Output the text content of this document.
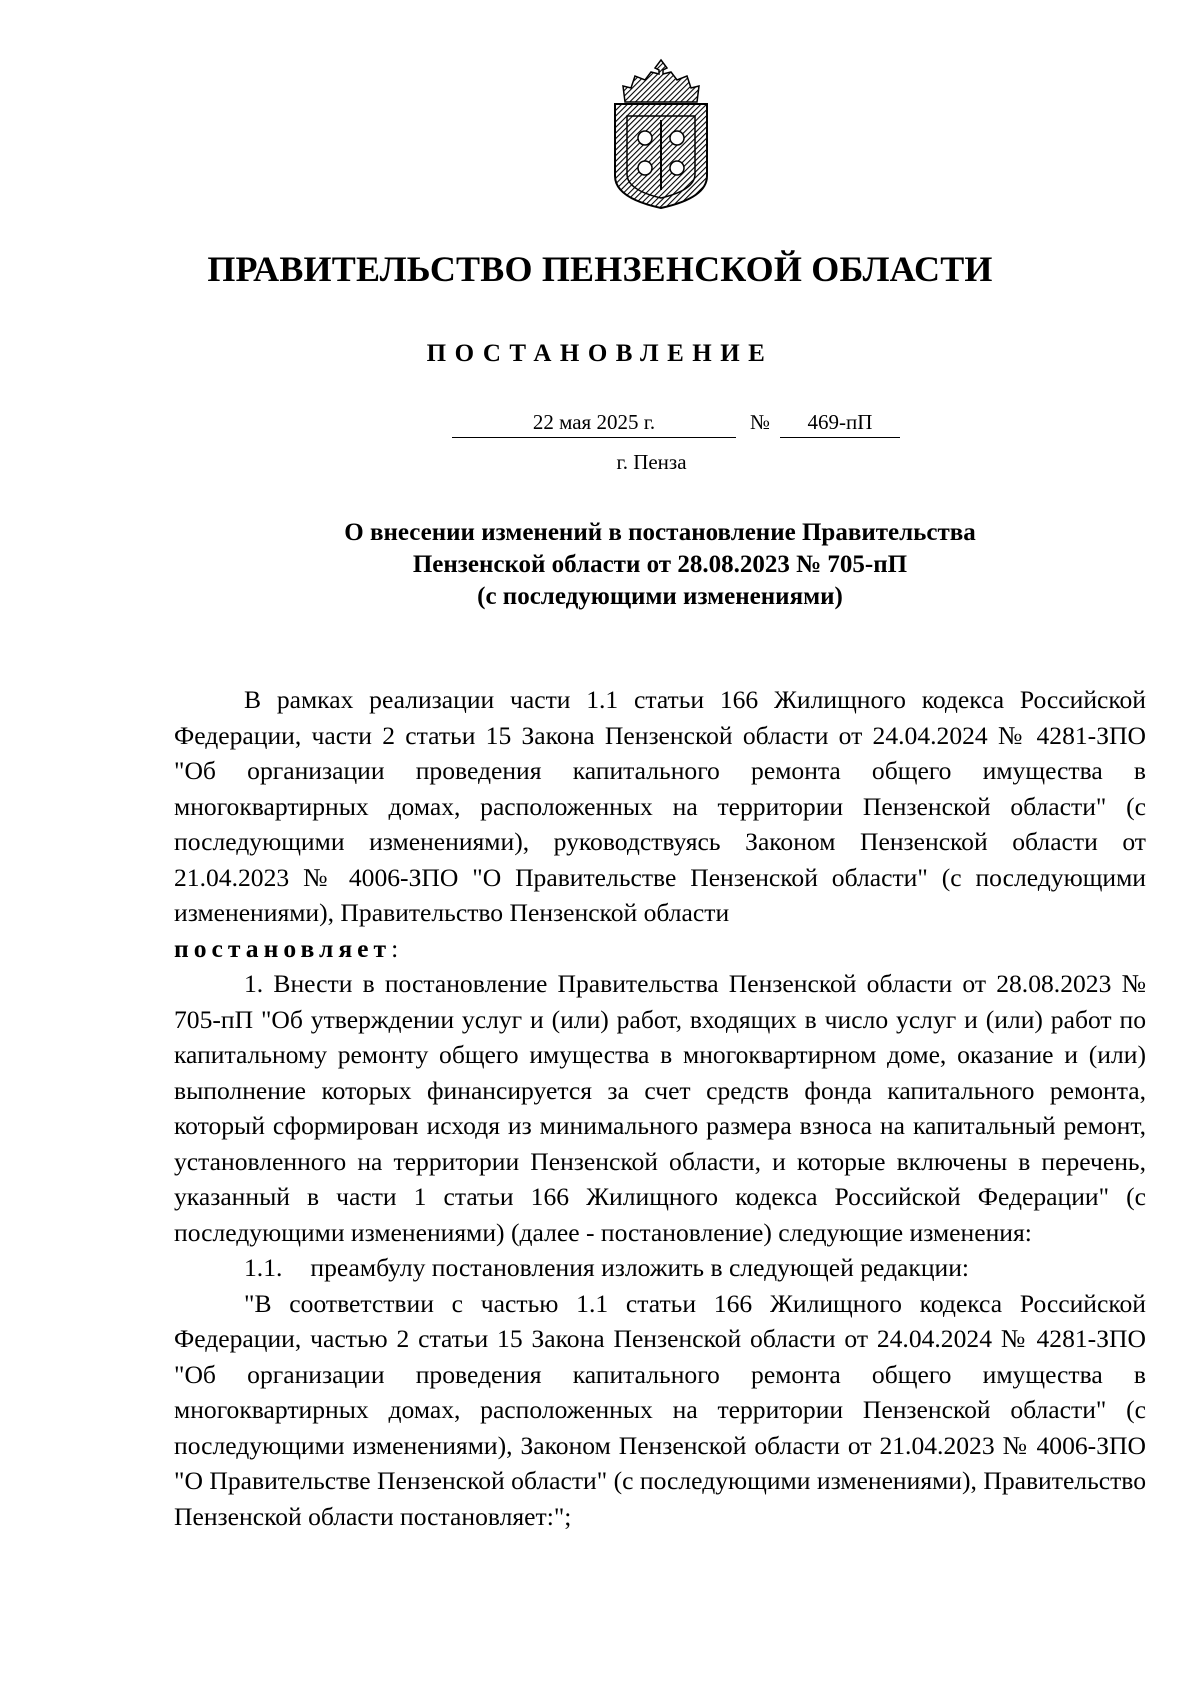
ПРАВИТЕЛЬСТВО ПЕНЗЕНСКОЙ ОБЛАСТИ
ПОСТАНОВЛЕНИЕ
22 мая 2025 г.	№	469-пП
г. Пенза
О внесении изменений в постановление Правительства
Пензенской области от 28.08.2023 № 705-пП
(с последующими изменениями)

В рамках реализации части 1.1 статьи 166 Жилищного кодекса Российской Федерации, части 2 статьи 15 Закона Пензенской области от 24.04.2024 № 4281-ЗПО "Об организации проведения капитального ремонта общего имущества в многоквартирных домах, расположенных на территории Пензенской области" (с последующими изменениями), руководствуясь Законом Пензенской области от 21.04.2023 № 4006-ЗПО "О Правительстве Пензенской области" (с последующими изменениями), Правительство Пензенской области

постановляет:

1. Внести в постановление Правительства Пензенской области от 28.08.2023 № 705-пП "Об утверждении услуг и (или) работ, входящих в число услуг и (или) работ по капитальному ремонту общего имущества в многоквартирном доме, оказание и (или) выполнение которых финансируется за счет средств фонда капитального ремонта, который сформирован исходя из минимального размера взноса на капитальный ремонт, установленного на территории Пензенской области, и которые включены в перечень, указанный в части 1 статьи 166 Жилищного кодекса Российской Федерации" (с последующими изменениями) (далее - постановление) следующие изменения:

1.1. преамбулу постановления изложить в следующей редакции:

"В соответствии с частью 1.1 статьи 166 Жилищного кодекса Российской Федерации, частью 2 статьи 15 Закона Пензенской области от 24.04.2024 № 4281-ЗПО "Об организации проведения капитального ремонта общего имущества в многоквартирных домах, расположенных на территории Пензенской области" (с последующими изменениями), Законом Пензенской области от 21.04.2023 № 4006-ЗПО "О Правительстве Пензенской области" (с последующими изменениями), Правительство Пензенской области постановляет:";
